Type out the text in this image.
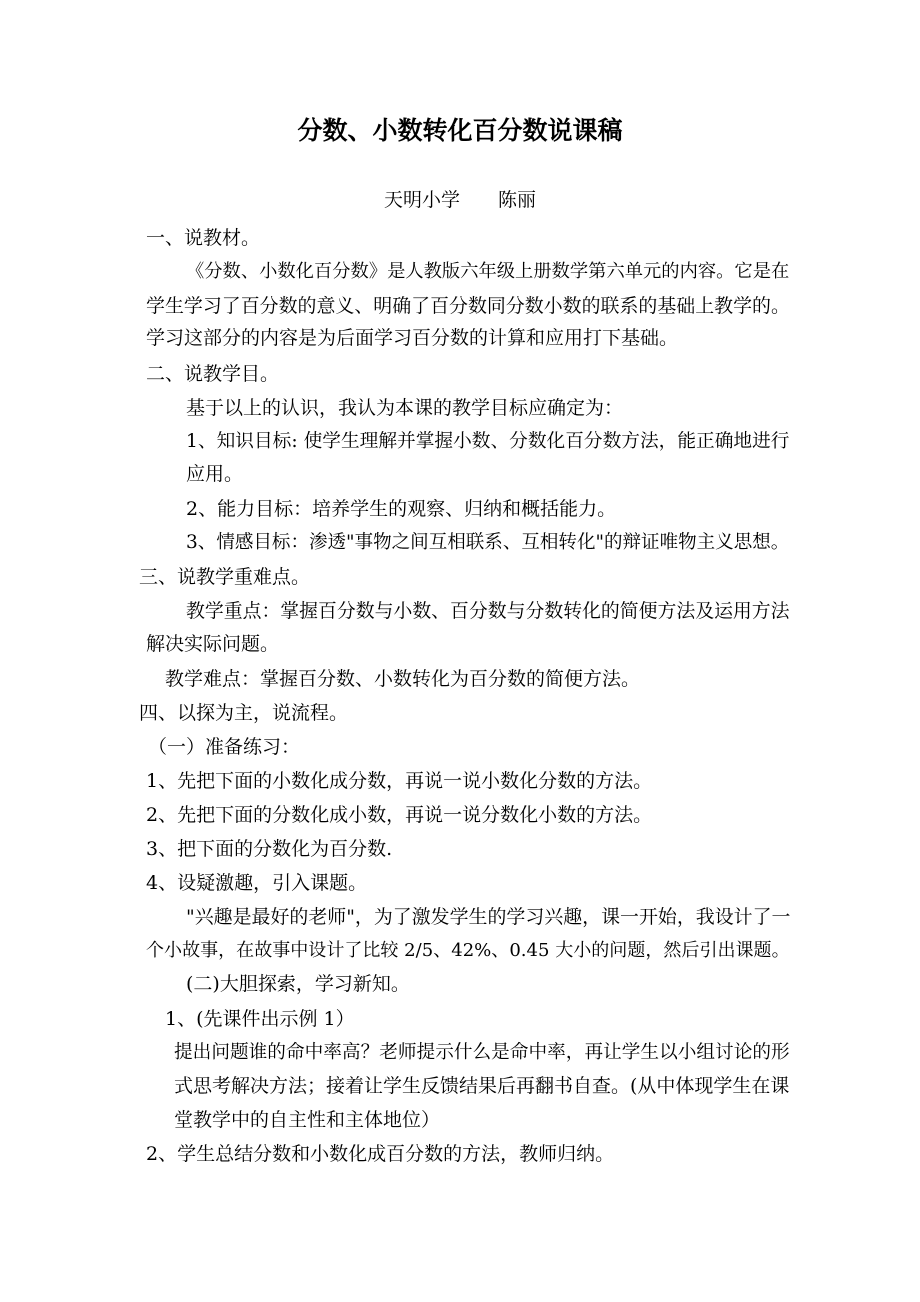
分数、小数转化百分数说课稿
天明小学　　陈丽
一、说教材。
《分数、小数化百分数》是人教版六年级上册数学第六单元的内容。它是在
学生学习了百分数的意义、明确了百分数同分数小数的联系的基础上教学的。
学习这部分的内容是为后面学习百分数的计算和应用打下基础。
二、说教学目。
基于以上的认识，我认为本课的教学目标应确定为：
1、知识目标: 使学生理解并掌握小数、分数化百分数方法，能正确地进行
应用。
2、能力目标：培养学生的观察、归纳和概括能力。
3、情感目标：渗透"事物之间互相联系、互相转化"的辩证唯物主义思想。
三、说教学重难点。
教学重点：掌握百分数与小数、百分数与分数转化的简便方法及运用方法
解决实际问题。
教学难点：掌握百分数、小数转化为百分数的简便方法。
四、以探为主，说流程。
（一）准备练习：
1、先把下面的小数化成分数，再说一说小数化分数的方法。
2、先把下面的分数化成小数，再说一说分数化小数的方法。
3、把下面的分数化为百分数.
4、设疑激趣，引入课题。
"兴趣是最好的老师"，为了激发学生的学习兴趣，课一开始，我设计了一
个小故事，在故事中设计了比较 2/5、42%、0.45 大小的问题，然后引出课题。
(二)大胆探索，学习新知。
1、(先课件出示例 1）
提出问题谁的命中率高？老师提示什么是命中率，再让学生以小组讨论的形
式思考解决方法；接着让学生反馈结果后再翻书自查。(从中体现学生在课
堂教学中的自主性和主体地位）
2、学生总结分数和小数化成百分数的方法，教师归纳。
